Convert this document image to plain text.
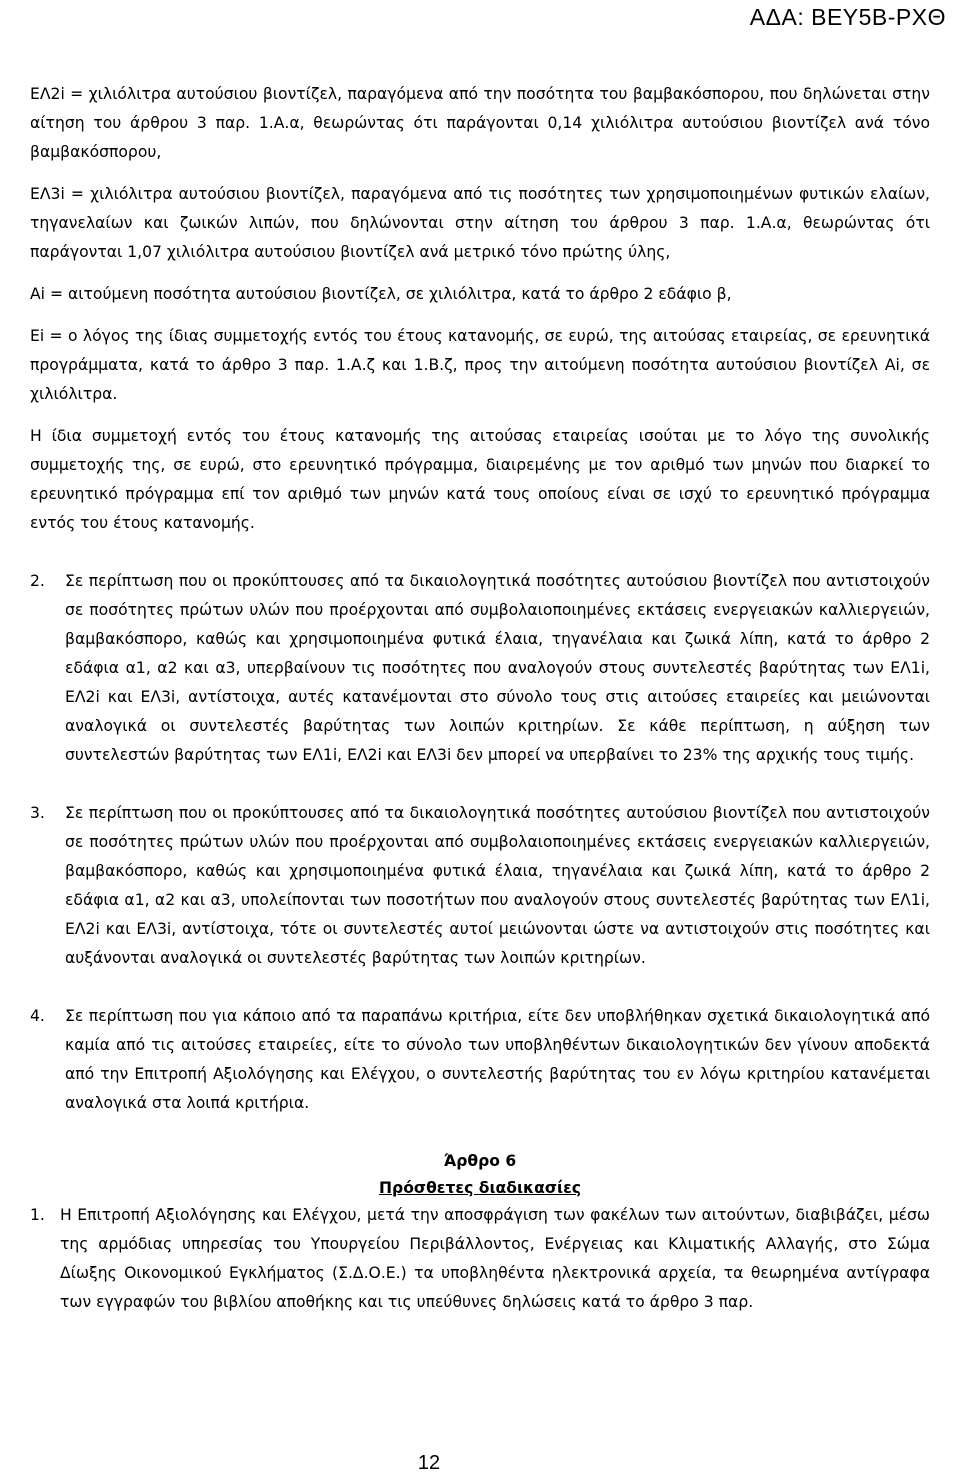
ΑΔΑ: ΒΕΥ5Β-ΡΧΘ

ΕΛ2i = χιλιόλιτρα αυτούσιου βιοντίζελ, παραγόμενα από την ποσότητα του βαμβακόσπορου, που δηλώνεται στην αίτηση του άρθρου 3 παρ. 1.Α.α, θεωρώντας ότι παράγονται 0,14 χιλιόλιτρα αυτούσιου βιοντίζελ ανά τόνο βαμβακόσπορου,

ΕΛ3i = χιλιόλιτρα αυτούσιου βιοντίζελ, παραγόμενα από τις ποσότητες των χρησιμοποιημένων φυτικών ελαίων, τηγανελαίων και ζωικών λιπών, που δηλώνονται στην αίτηση του άρθρου 3 παρ. 1.Α.α, θεωρώντας ότι παράγονται 1,07 χιλιόλιτρα αυτούσιου βιοντίζελ ανά μετρικό τόνο πρώτης ύλης,

Αi = αιτούμενη ποσότητα αυτούσιου βιοντίζελ, σε χιλιόλιτρα, κατά το άρθρο 2 εδάφιο β,

Εi = ο λόγος της ίδιας συμμετοχής εντός του έτους κατανομής, σε ευρώ, της αιτούσας εταιρείας, σε ερευνητικά προγράμματα, κατά το άρθρο 3 παρ. 1.Α.ζ και 1.Β.ζ, προς την αιτούμενη ποσότητα αυτούσιου βιοντίζελ Αi, σε χιλιόλιτρα.

Η ίδια συμμετοχή εντός του έτους κατανομής της αιτούσας εταιρείας ισούται με το λόγο της συνολικής συμμετοχής της, σε ευρώ, στο ερευνητικό πρόγραμμα, διαιρεμένης με τον αριθμό των μηνών που διαρκεί το ερευνητικό πρόγραμμα επί τον αριθμό των μηνών κατά τους οποίους είναι σε ισχύ το ερευνητικό πρόγραμμα εντός του έτους κατανομής.

2.	Σε περίπτωση που οι προκύπτουσες από τα δικαιολογητικά ποσότητες αυτούσιου βιοντίζελ που αντιστοιχούν σε ποσότητες πρώτων υλών που προέρχονται από συμβολαιοποιημένες εκτάσεις ενεργειακών καλλιεργειών, βαμβακόσπορο, καθώς και χρησιμοποιημένα φυτικά έλαια, τηγανέλαια και ζωικά λίπη, κατά το άρθρο 2 εδάφια α1, α2 και α3, υπερβαίνουν τις ποσότητες που αναλογούν στους συντελεστές βαρύτητας των ΕΛ1i, ΕΛ2i και ΕΛ3i, αντίστοιχα, αυτές κατανέμονται στο σύνολο τους στις αιτούσες εταιρείες και μειώνονται αναλογικά οι συντελεστές βαρύτητας των λοιπών κριτηρίων. Σε κάθε περίπτωση, η αύξηση των συντελεστών βαρύτητας των ΕΛ1i, ΕΛ2i και ΕΛ3i δεν μπορεί να υπερβαίνει το 23% της αρχικής τους τιμής.
3.	Σε περίπτωση που οι προκύπτουσες από τα δικαιολογητικά ποσότητες αυτούσιου βιοντίζελ που αντιστοιχούν σε ποσότητες πρώτων υλών που προέρχονται από συμβολαιοποιημένες εκτάσεις ενεργειακών καλλιεργειών, βαμβακόσπορο, καθώς και χρησιμοποιημένα φυτικά έλαια, τηγανέλαια και ζωικά λίπη, κατά το άρθρο 2 εδάφια α1, α2 και α3, υπολείπονται των ποσοτήτων που αναλογούν στους συντελεστές βαρύτητας των ΕΛ1i, ΕΛ2i και ΕΛ3i, αντίστοιχα, τότε οι συντελεστές αυτοί μειώνονται ώστε να αντιστοιχούν στις ποσότητες και αυξάνονται αναλογικά οι συντελεστές βαρύτητας των λοιπών κριτηρίων.
4.	Σε περίπτωση που για κάποιο από τα παραπάνω κριτήρια, είτε δεν υποβλήθηκαν σχετικά δικαιολογητικά από καμία από τις αιτούσες εταιρείες, είτε το σύνολο των υποβληθέντων δικαιολογητικών δεν γίνουν αποδεκτά από την Επιτροπή Αξιολόγησης και Ελέγχου, ο συντελεστής βαρύτητας του εν λόγω κριτηρίου κατανέμεται αναλογικά στα λοιπά κριτήρια.
Άρθρο 6
Πρόσθετες διαδικασίες
1. Η Επιτροπή Αξιολόγησης και Ελέγχου, μετά την αποσφράγιση των φακέλων των αιτούντων, διαβιβάζει, μέσω της αρμόδιας υπηρεσίας του Υπουργείου Περιβάλλοντος, Ενέργειας και Κλιματικής Αλλαγής, στο Σώμα Δίωξης Οικονομικού Εγκλήματος (Σ.Δ.Ο.Ε.) τα υποβληθέντα ηλεκτρονικά αρχεία, τα θεωρημένα αντίγραφα των εγγραφών του βιβλίου αποθήκης και τις υπεύθυνες δηλώσεις κατά το άρθρο 3 παρ.
12
